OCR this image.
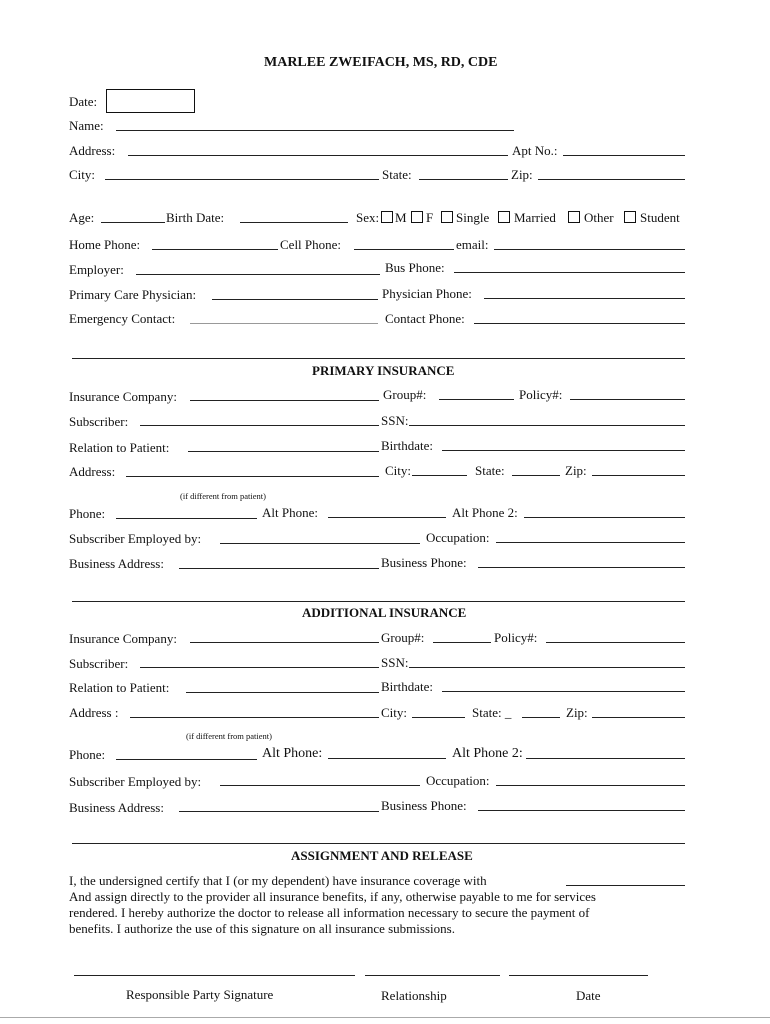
MARLEE ZWEIFACH, MS, RD, CDE
Date:
Name:
Address:	Apt No.:
City:	State:	Zip:
Age:	Birth Date:	Sex: M F Single Married Other Student
Home Phone:	Cell Phone:	email:
Employer:	Bus Phone:
Primary Care Physician:	Physician Phone:
Emergency Contact:	Contact Phone:
PRIMARY INSURANCE
Insurance Company:	Group#:	Policy#:
Subscriber:	SSN:
Relation to Patient:	Birthdate:
Address:	City:	State:	Zip:
(if different from patient)
Phone:	Alt Phone:	Alt Phone 2:
Subscriber Employed by:	Occupation:
Business Address:	Business Phone:
ADDITIONAL INSURANCE
Insurance Company:	Group#:	Policy#:
Subscriber:	SSN:
Relation to Patient:	Birthdate:
Address :	City:	State: _	Zip:
(if different from patient)
Phone:	Alt Phone:	Alt Phone 2:
Subscriber Employed by:	Occupation:
Business Address:	Business Phone:
ASSIGNMENT AND RELEASE
I, the undersigned certify that I (or my dependent) have insurance coverage with
And assign directly to the provider all insurance benefits, if any, otherwise payable to me for services
rendered. I hereby authorize the doctor to release all information necessary to secure the payment of
benefits. I authorize the use of this signature on all insurance submissions.
Responsible Party Signature	Relationship	Date
